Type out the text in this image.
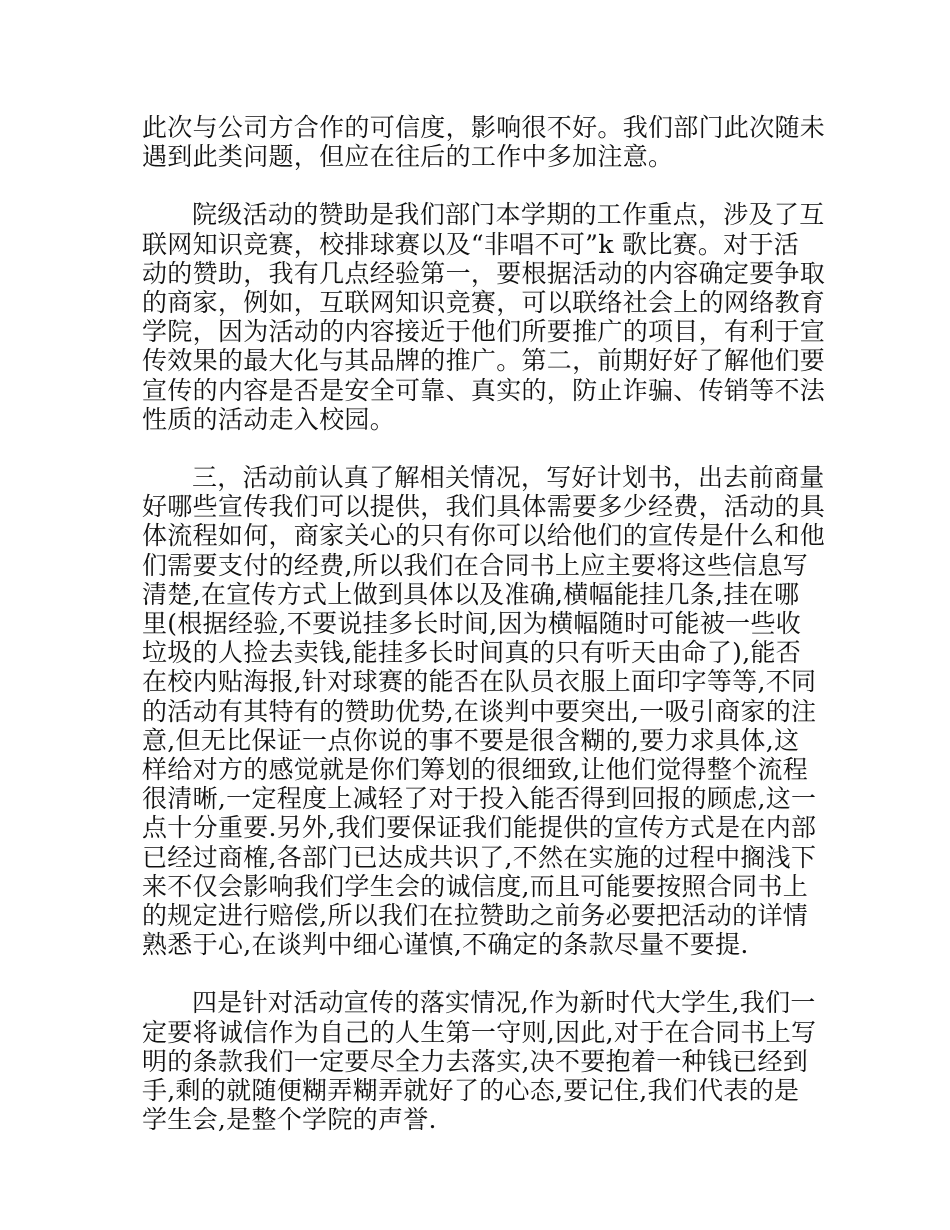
此次与公司方合作的可信度，影响很不好。我们部门此次随未
遇到此类问题，但应在往后的工作中多加注意。

院级活动的赞助是我们部门本学期的工作重点，涉及了互
联网知识竞赛，校排球赛以及“非唱不可”k 歌比赛。对于活
动的赞助，我有几点经验第一，要根据活动的内容确定要争取
的商家，例如，互联网知识竞赛，可以联络社会上的网络教育
学院，因为活动的内容接近于他们所要推广的项目，有利于宣
传效果的最大化与其品牌的推广。第二，前期好好了解他们要
宣传的内容是否是安全可靠、真实的，防止诈骗、传销等不法
性质的活动走入校园。

三，活动前认真了解相关情况，写好计划书，出去前商量
好哪些宣传我们可以提供，我们具体需要多少经费，活动的具
体流程如何，商家关心的只有你可以给他们的宣传是什么和他
们需要支付的经费,所以我们在合同书上应主要将这些信息写
清楚,在宣传方式上做到具体以及准确,横幅能挂几条,挂在哪
里(根据经验,不要说挂多长时间,因为横幅随时可能被一些收
垃圾的人捡去卖钱,能挂多长时间真的只有听天由命了),能否
在校内贴海报,针对球赛的能否在队员衣服上面印字等等,不同
的活动有其特有的赞助优势,在谈判中要突出,一吸引商家的注
意,但无比保证一点你说的事不要是很含糊的,要力求具体,这
样给对方的感觉就是你们筹划的很细致,让他们觉得整个流程
很清晰,一定程度上减轻了对于投入能否得到回报的顾虑,这一
点十分重要.另外,我们要保证我们能提供的宣传方式是在内部
已经过商榷,各部门已达成共识了,不然在实施的过程中搁浅下
来不仅会影响我们学生会的诚信度,而且可能要按照合同书上
的规定进行赔偿,所以我们在拉赞助之前务必要把活动的详情
熟悉于心,在谈判中细心谨慎,不确定的条款尽量不要提.

四是针对活动宣传的落实情况,作为新时代大学生,我们一
定要将诚信作为自己的人生第一守则,因此,对于在合同书上写
明的条款我们一定要尽全力去落实,决不要抱着一种钱已经到
手,剩的就随便糊弄糊弄就好了的心态,要记住,我们代表的是
学生会,是整个学院的声誉.
